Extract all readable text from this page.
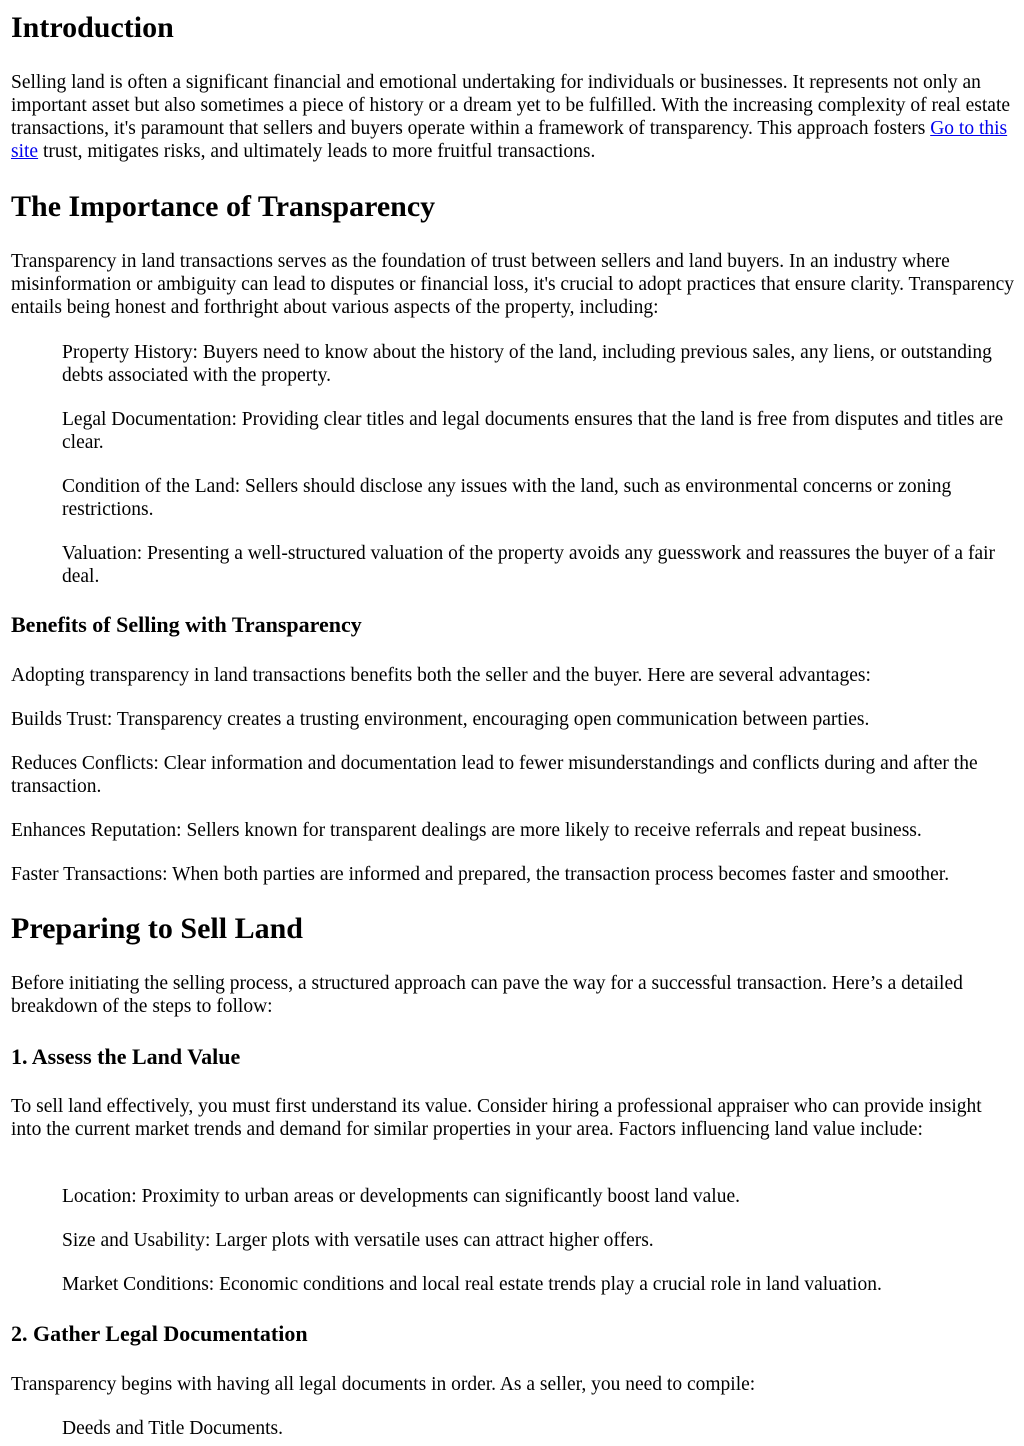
Introduction

Selling land is often a significant financial and emotional undertaking for individuals or businesses. It represents not only an important asset but also sometimes a piece of history or a dream yet to be fulfilled. With the increasing complexity of real estate transactions, it's paramount that sellers and buyers operate within a framework of transparency. This approach fosters Go to this site trust, mitigates risks, and ultimately leads to more fruitful transactions.

The Importance of Transparency

Transparency in land transactions serves as the foundation of trust between sellers and land buyers. In an industry where misinformation or ambiguity can lead to disputes or financial loss, it's crucial to adopt practices that ensure clarity. Transparency entails being honest and forthright about various aspects of the property, including:

Property History: Buyers need to know about the history of the land, including previous sales, any liens, or outstanding debts associated with the property.

Legal Documentation: Providing clear titles and legal documents ensures that the land is free from disputes and titles are clear.

Condition of the Land: Sellers should disclose any issues with the land, such as environmental concerns or zoning restrictions.

Valuation: Presenting a well-structured valuation of the property avoids any guesswork and reassures the buyer of a fair deal.

Benefits of Selling with Transparency

Adopting transparency in land transactions benefits both the seller and the buyer. Here are several advantages:

Builds Trust: Transparency creates a trusting environment, encouraging open communication between parties.

Reduces Conflicts: Clear information and documentation lead to fewer misunderstandings and conflicts during and after the transaction.

Enhances Reputation: Sellers known for transparent dealings are more likely to receive referrals and repeat business.

Faster Transactions: When both parties are informed and prepared, the transaction process becomes faster and smoother.

Preparing to Sell Land

Before initiating the selling process, a structured approach can pave the way for a successful transaction. Here’s a detailed breakdown of the steps to follow:

1. Assess the Land Value

To sell land effectively, you must first understand its value. Consider hiring a professional appraiser who can provide insight into the current market trends and demand for similar properties in your area. Factors influencing land value include:

Location: Proximity to urban areas or developments can significantly boost land value.

Size and Usability: Larger plots with versatile uses can attract higher offers.

Market Conditions: Economic conditions and local real estate trends play a crucial role in land valuation.

2. Gather Legal Documentation

Transparency begins with having all legal documents in order. As a seller, you need to compile:

Deeds and Title Documents.
